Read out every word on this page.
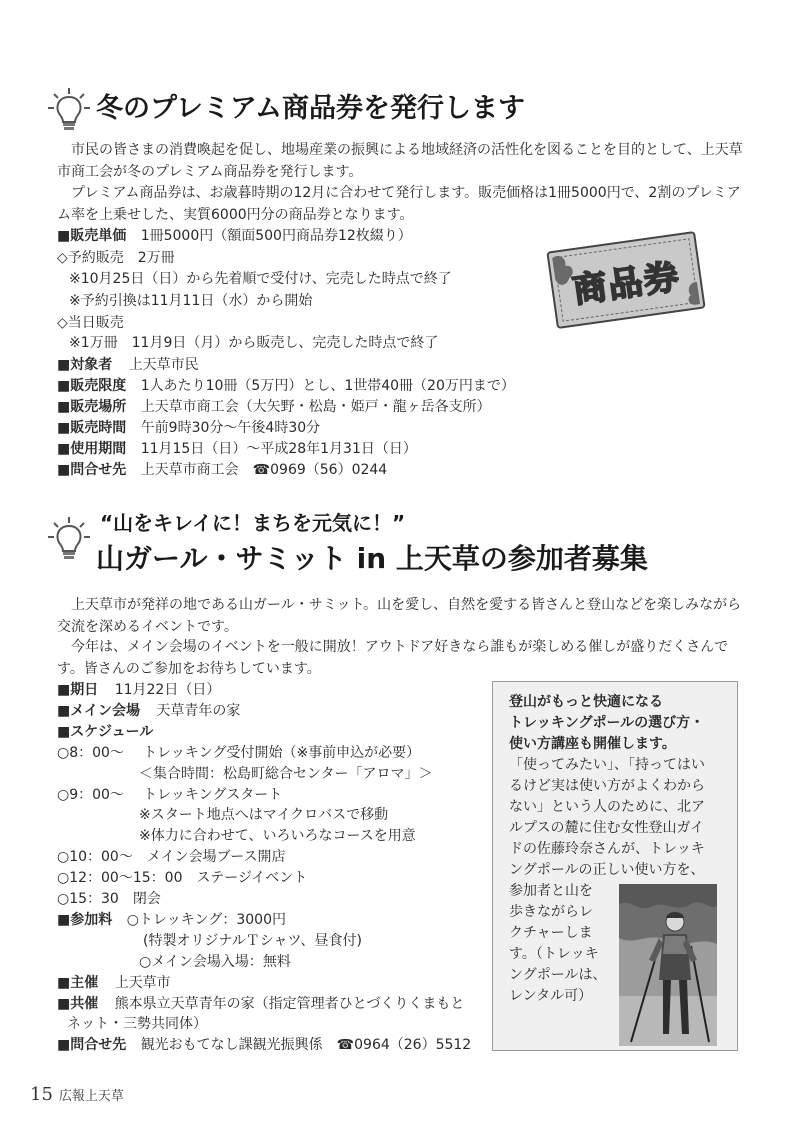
冬のプレミアム商品券を発行します
市民の皆さまの消費喚起を促し、地場産業の振興による地域経済の活性化を図ることを目的として、上天草市商工会が冬のプレミアム商品券を発行します。
プレミアム商品券は、お歳暮時期の12月に合わせて発行します。販売価格は1冊5000円で、2割のプレミアム率を上乗せした、実質6000円分の商品券となります。
■販売単価 1冊5000円（額面500円商品券12枚綴り）
◇予約販売　2万冊
※10月25日（日）から先着順で受付け、完売した時点で終了
※予約引換は11月11日（水）から開始
◇当日販売
※1万冊　11月9日（月）から販売し、完売した時点で終了
■対象者 上天草市民
■販売限度 1人あたり10冊（5万円）とし、1世帯40冊（20万円まで）
■販売場所 上天草市商工会（大矢野・松島・姫戸・龍ヶ岳各支所）
■販売時間 午前9時30分～午後4時30分
■使用期間 11月15日（日）～平成28年1月31日（日）
■問合せ先 上天草市商工会　☎0969（56）0244
商品券
“山をキレイに！まちを元気に！”
山ガール・サミット in 上天草の参加者募集
上天草市が発祥の地である山ガール・サミット。山を愛し、自然を愛する皆さんと登山などを楽しみながら交流を深めるイベントです。
今年は、メイン会場のイベントを一般に開放！アウトドア好きなら誰もが楽しめる催しが盛りだくさんです。皆さんのご参加をお待ちしています。
■期日 11月22日（日）
■メイン会場 天草青年の家
■スケジュール
○8：00～ トレッキング受付開始（※事前申込が必要）
＜集合時間：松島町総合センター「アロマ」＞
○9：00～ トレッキングスタート
※スタート地点へはマイクロバスで移動
※体力に合わせて、いろいろなコースを用意
○10：00～　メイン会場ブース開店
○12：00～15：00　ステージイベント
○15：30　閉会
■参加料 ○トレッキング：3000円
(特製オリジナルＴシャツ、昼食付)
○メイン会場入場：無料
■主催 上天草市
■共催 熊本県立天草青年の家（指定管理者ひとづくりくまもと
ネット・三勢共同体）
■問合せ先 観光おもてなし課観光振興係　☎0964（26）5512
登山がもっと快適になる
トレッキングポールの選び方・
使い方講座も開催します。
「使ってみたい」、「持ってはい
るけど実は使い方がよくわから
ない」という人のために、北ア
ルプスの麓に住む女性登山ガイ
ドの佐藤玲奈さんが、トレッキ
ングポールの正しい使い方を、
参加者と山を
歩きながらレ
クチャーしま
す。（トレッキ
ングポールは、
レンタル可）
15 広報上天草
